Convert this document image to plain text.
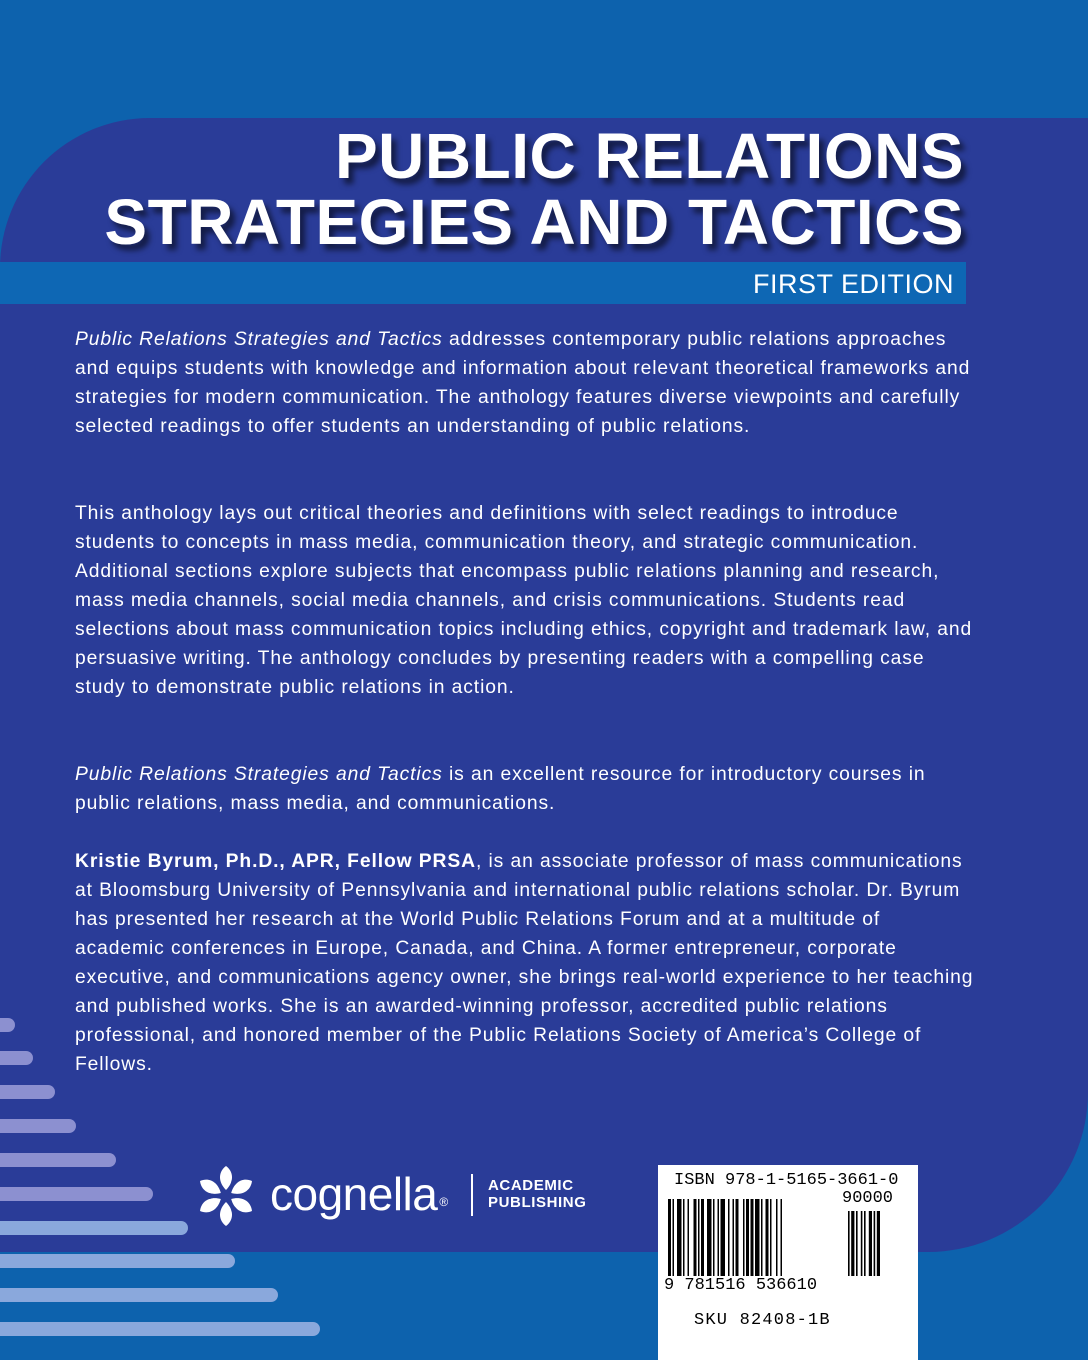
PUBLIC RELATIONS
STRATEGIES AND TACTICS
FIRST EDITION

Public Relations Strategies and Tactics addresses contemporary public relations approaches and equips students with knowledge and information about relevant theoretical frameworks and strategies for modern communication. The anthology features diverse viewpoints and carefully selected readings to offer students an understanding of public relations.

This anthology lays out critical theories and definitions with select readings to introduce students to concepts in mass media, communication theory, and strategic communication. Additional sections explore subjects that encompass public relations planning and research, mass media channels, social media channels, and crisis communications. Students read selections about mass communication topics including ethics, copyright and trademark law, and persuasive writing. The anthology concludes by presenting readers with a compelling case study to demonstrate public relations in action.

Public Relations Strategies and Tactics is an excellent resource for introductory courses in public relations, mass media, and communications.

Kristie Byrum, Ph.D., APR, Fellow PRSA, is an associate professor of mass communications at Bloomsburg University of Pennsylvania and international public relations scholar. Dr. Byrum has presented her research at the World Public Relations Forum and at a multitude of academic conferences in Europe, Canada, and China. A former entrepreneur, corporate executive, and communications agency owner, she brings real-world experience to her teaching and published works. She is an awarded-winning professor, accredited public relations professional, and honored member of the Public Relations Society of America’s College of Fellows.

cognella ®
ACADEMIC
PUBLISHING
ISBN 978-1-5165-3661-0
90000
9 781516 536610
SKU 82408-1B
